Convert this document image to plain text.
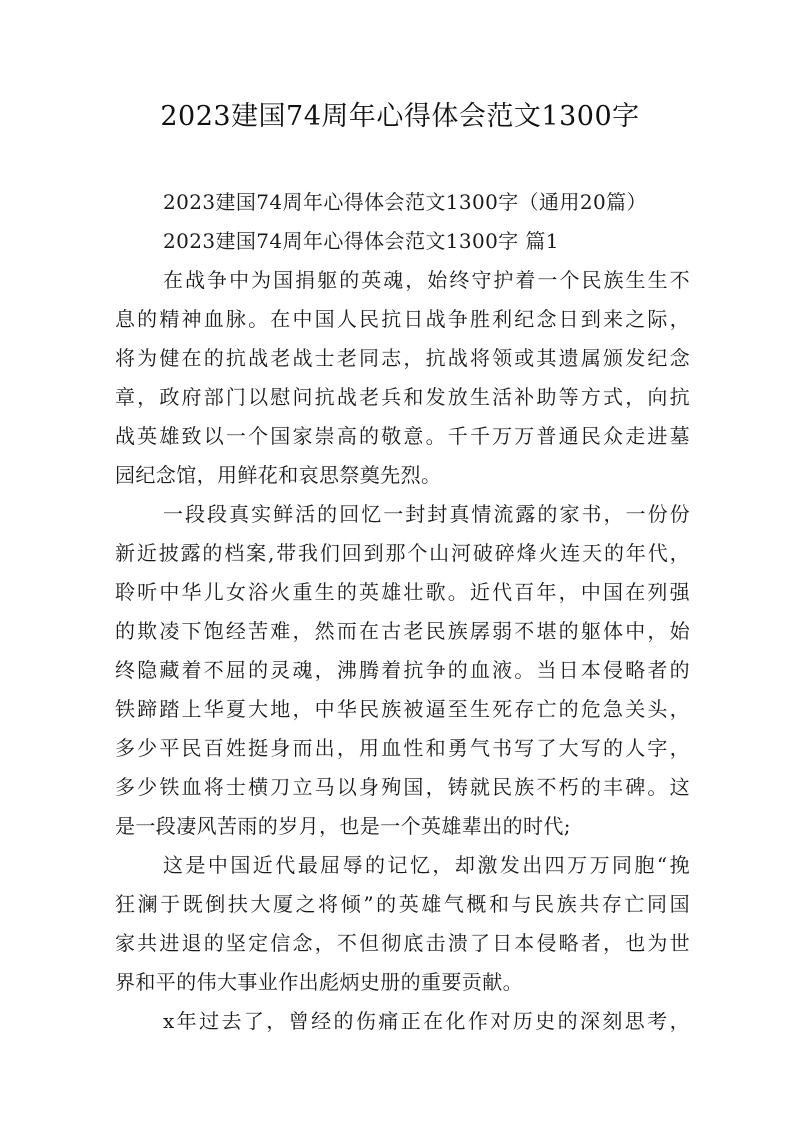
2023建国74周年心得体会范文1300字
2023建国74周年心得体会范文1300字（通用20篇）
2023建国74周年心得体会范文1300字 篇1
在战争中为国捐躯的英魂，始终守护着一个民族生生不
息的精神血脉。在中国人民抗日战争胜利纪念日到来之际，
将为健在的抗战老战士老同志，抗战将领或其遗属颁发纪念
章，政府部门以慰问抗战老兵和发放生活补助等方式，向抗
战英雄致以一个国家崇高的敬意。千千万万普通民众走进墓
园纪念馆，用鲜花和哀思祭奠先烈。
一段段真实鲜活的回忆一封封真情流露的家书，一份份
新近披露的档案,带我们回到那个山河破碎烽火连天的年代，
聆听中华儿女浴火重生的英雄壮歌。近代百年，中国在列强
的欺凌下饱经苦难，然而在古老民族孱弱不堪的躯体中，始
终隐藏着不屈的灵魂，沸腾着抗争的血液。当日本侵略者的
铁蹄踏上华夏大地，中华民族被逼至生死存亡的危急关头，
多少平民百姓挺身而出，用血性和勇气书写了大写的人字，
多少铁血将士横刀立马以身殉国，铸就民族不朽的丰碑。这
是一段凄风苦雨的岁月，也是一个英雄辈出的时代;
这是中国近代最屈辱的记忆，却激发出四万万同胞“挽
狂澜于既倒扶大厦之将倾”的英雄气概和与民族共存亡同国
家共进退的坚定信念，不但彻底击溃了日本侵略者，也为世
界和平的伟大事业作出彪炳史册的重要贡献。
x年过去了，曾经的伤痛正在化作对历史的深刻思考，
